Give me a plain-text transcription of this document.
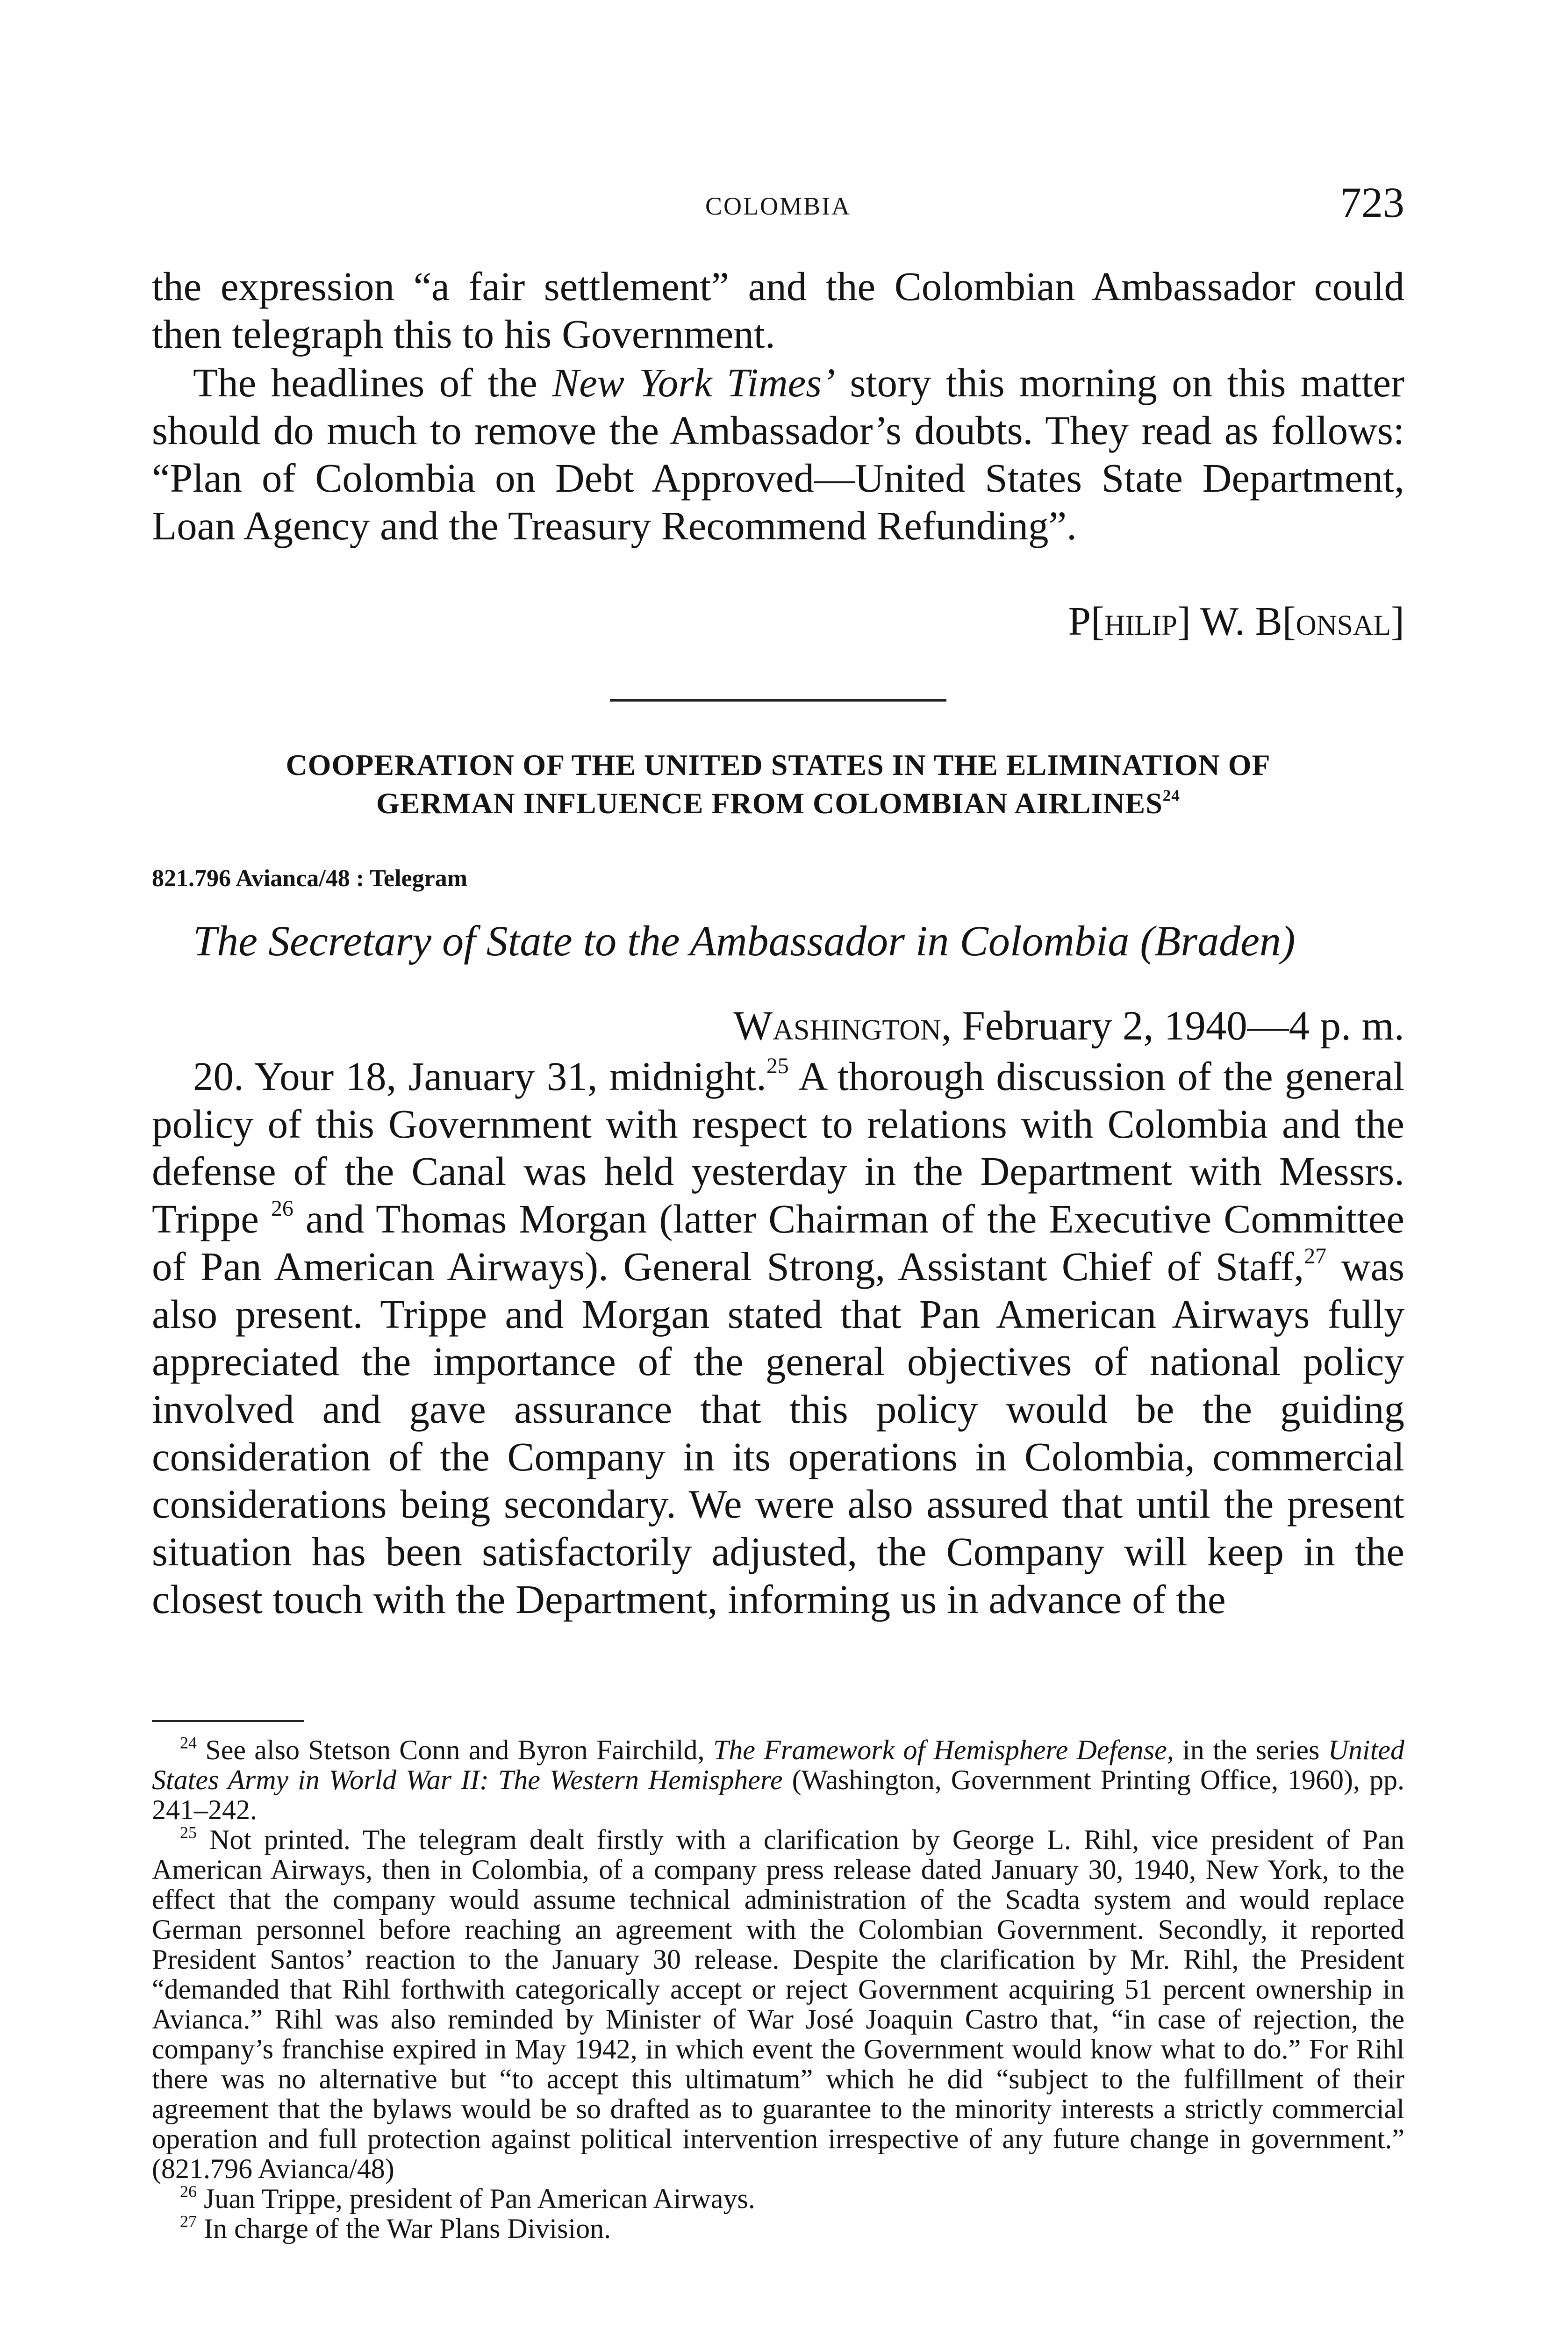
COLOMBIA	723

the expression “a fair settlement” and the Colombian Ambassador could then telegraph this to his Government.

The headlines of the New York Times’ story this morning on this matter should do much to remove the Ambassador’s doubts. They read as follows: “Plan of Colombia on Debt Approved—United States State Department, Loan Agency and the Treasury Recommend Refunding”.

P[hilip] W. B[onsal]
COOPERATION OF THE UNITED STATES IN THE ELIMINATION OF
GERMAN INFLUENCE FROM COLOMBIAN AIRLINES$^{24}$
821.796 Avianca/48 : Telegram
The Secretary of State to the Ambassador in Colombia (Braden)
Washington, February 2, 1940—4 p. m.

20. Your 18, January 31, midnight.$^{25}$ A thorough discussion of the general policy of this Government with respect to relations with Colombia and the defense of the Canal was held yesterday in the Department with Messrs. Trippe $^{26}$ and Thomas Morgan (latter Chairman of the Executive Committee of Pan American Airways). General Strong, Assistant Chief of Staff,$^{27}$ was also present. Trippe and Morgan stated that Pan American Airways fully appreciated the importance of the general objectives of national policy involved and gave assurance that this policy would be the guiding consideration of the Company in its operations in Colombia, commercial considerations being secondary. We were also assured that until the present situation has been satisfactorily adjusted, the Company will keep in the closest touch with the Department, informing us in advance of the

$^{24}$ See also Stetson Conn and Byron Fairchild, The Framework of Hemisphere Defense, in the series United States Army in World War II: The Western Hemisphere (Washington, Government Printing Office, 1960), pp. 241–242.

$^{25}$ Not printed. The telegram dealt firstly with a clarification by George L. Rihl, vice president of Pan American Airways, then in Colombia, of a company press release dated January 30, 1940, New York, to the effect that the company would assume technical administration of the Scadta system and would replace German personnel before reaching an agreement with the Colombian Government. Secondly, it reported President Santos’ reaction to the January 30 release. Despite the clarification by Mr. Rihl, the President “demanded that Rihl forthwith categorically accept or reject Government acquiring 51 percent ownership in Avianca.” Rihl was also reminded by Minister of War José Joaquin Castro that, “in case of rejection, the company’s franchise expired in May 1942, in which event the Government would know what to do.” For Rihl there was no alternative but “to accept this ultimatum” which he did “subject to the fulfillment of their agreement that the bylaws would be so drafted as to guarantee to the minority interests a strictly commercial operation and full protection against political intervention irrespective of any future change in government.” (821.796 Avianca/48)

$^{26}$ Juan Trippe, president of Pan American Airways.

$^{27}$ In charge of the War Plans Division.
